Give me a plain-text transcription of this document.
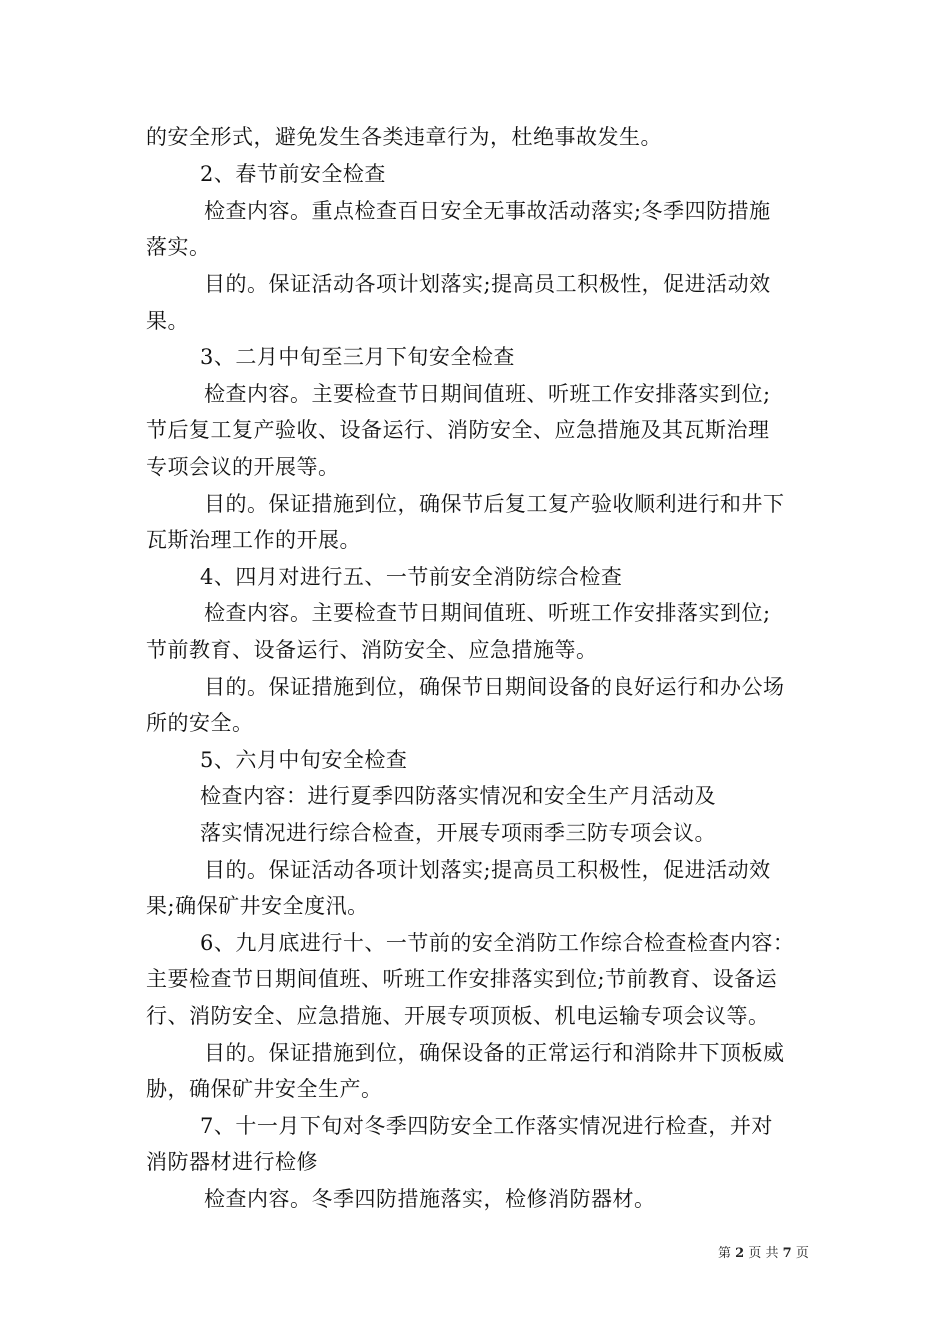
的安全形式，避免发生各类违章行为，杜绝事故发生。
2、春节前安全检查
检查内容。重点检查百日安全无事故活动落实;冬季四防措施
落实。
目的。保证活动各项计划落实;提高员工积极性，促进活动效
果。
3、二月中旬至三月下旬安全检查
检查内容。主要检查节日期间值班、听班工作安排落实到位;
节后复工复产验收、设备运行、消防安全、应急措施及其瓦斯治理
专项会议的开展等。
目的。保证措施到位，确保节后复工复产验收顺利进行和井下
瓦斯治理工作的开展。
4、四月对进行五、一节前安全消防综合检查
检查内容。主要检查节日期间值班、听班工作安排落实到位;
节前教育、设备运行、消防安全、应急措施等。
目的。保证措施到位，确保节日期间设备的良好运行和办公场
所的安全。
5、六月中旬安全检查
检查内容：进行夏季四防落实情况和安全生产月活动及
落实情况进行综合检查，开展专项雨季三防专项会议。
目的。保证活动各项计划落实;提高员工积极性，促进活动效
果;确保矿井安全度汛。
6、九月底进行十、一节前的安全消防工作综合检查检查内容：
主要检查节日期间值班、听班工作安排落实到位;节前教育、设备运
行、消防安全、应急措施、开展专项顶板、机电运输专项会议等。
目的。保证措施到位，确保设备的正常运行和消除井下顶板威
胁，确保矿井安全生产。
7、十一月下旬对冬季四防安全工作落实情况进行检查，并对
消防器材进行检修
检查内容。冬季四防措施落实，检修消防器材。
第 2 页 共 7 页
